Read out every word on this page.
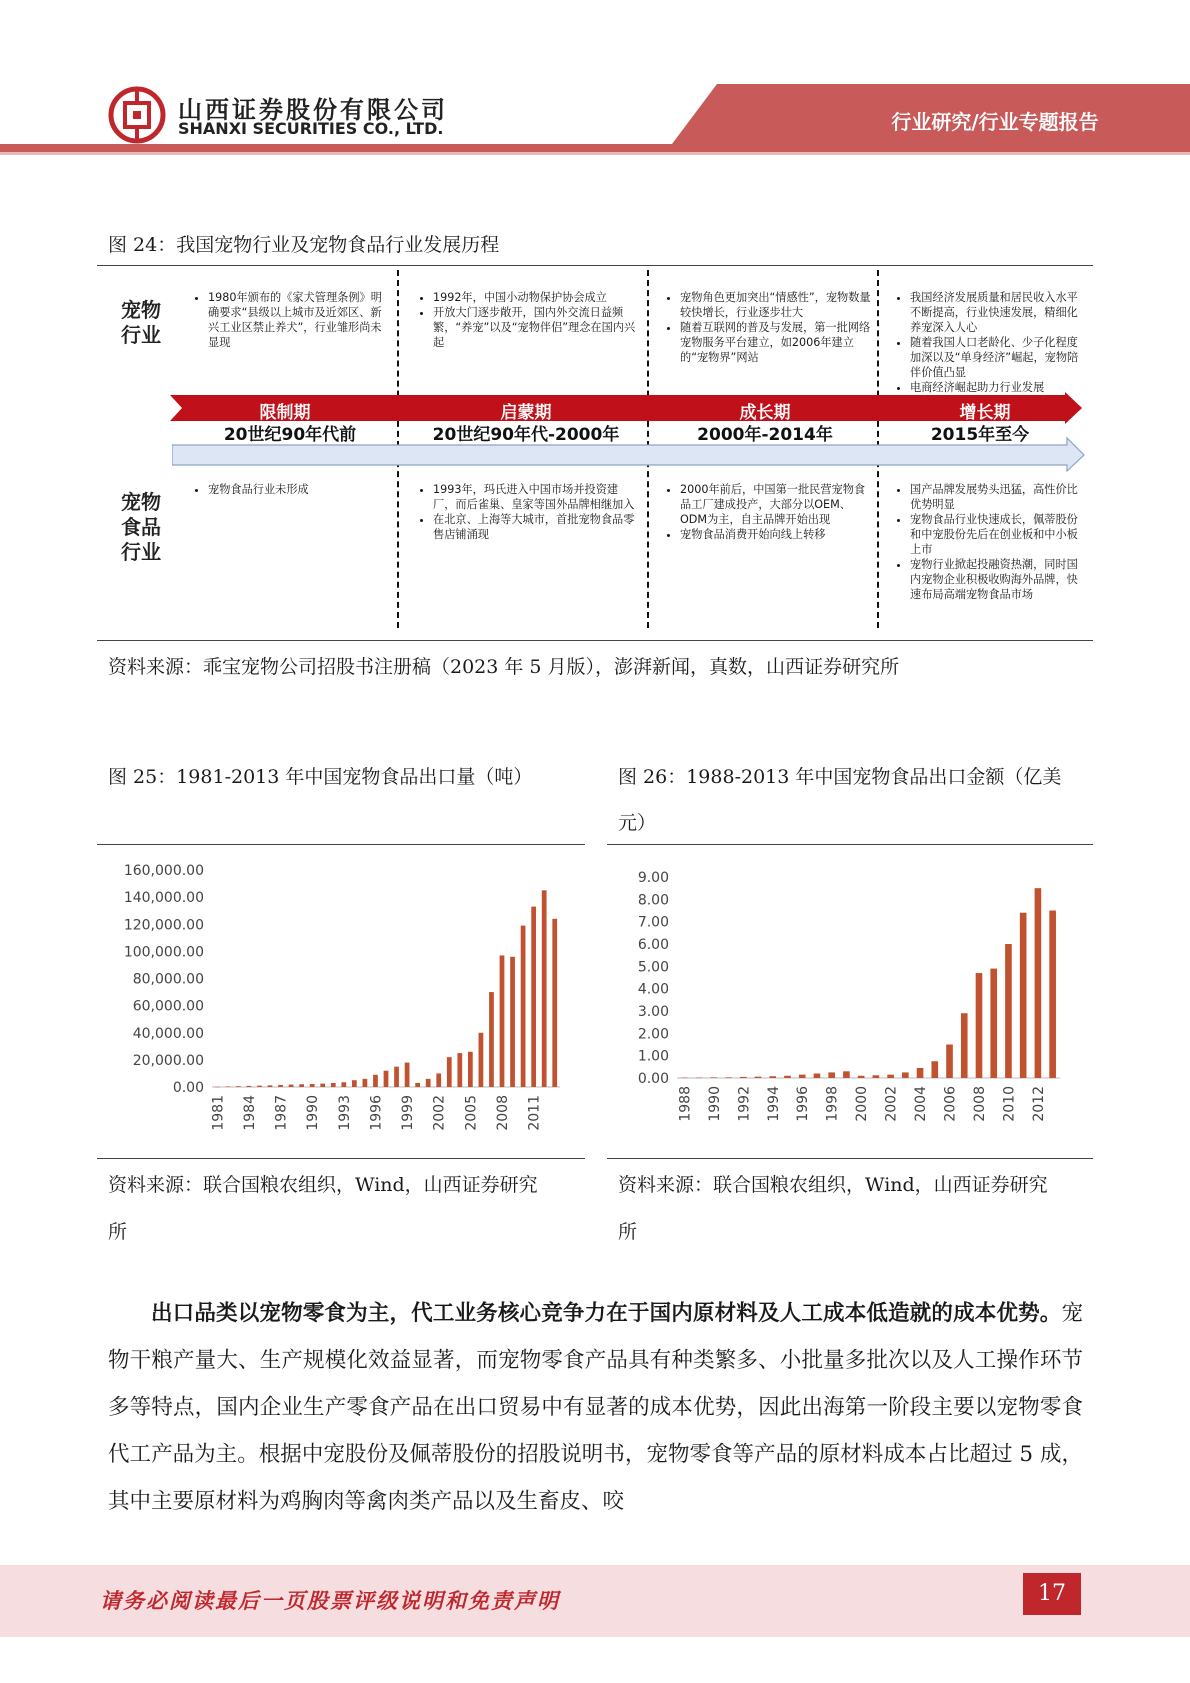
山西证券股份有限公司
SHANXI SECURITIES CO., LTD.	行业研究/行业专题报告
图 24：我国宠物行业及宠物食品行业发展历程
宠物行业
宠物食品行业
• 1980年颁布的《家犬管理条例》明确要求“县级以上城市及近郊区、新兴工业区禁止养犬”，行业雏形尚未显现
• 1992年，中国小动物保护协会成立
• 开放大门逐步敞开，国内外交流日益频繁，“养宠”以及“宠物伴侣”理念在国内兴起
• 宠物角色更加突出“情感性”，宠物数量较快增长，行业逐步壮大
• 随着互联网的普及与发展，第一批网络宠物服务平台建立，如2006年建立的“宠物界”网站
• 我国经济发展质量和居民收入水平不断提高，行业快速发展，精细化养宠深入人心
• 随着我国人口老龄化、少子化程度加深以及“单身经济”崛起，宠物陪伴价值凸显
• 电商经济崛起助力行业发展
限制期	启蒙期	成长期	增长期
20世纪90年代前	20世纪90年代-2000年	2000年-2014年	2015年至今
• 宠物食品行业未形成
•	1993年，玛氏进入中国市场并投资建厂，而后雀巢、皇家等国外品牌相继加入
• 在北京、上海等大城市，首批宠物食品零售店铺涌现
• 2000年前后，中国第一批民营宠物食品工厂建成投产，大部分以OEM、ODM为主，自主品牌开始出现
• 宠物食品消费开始向线上转移
• 国产品牌发展势头迅猛，高性价比优势明显
• 宠物食品行业快速成长，佩蒂股份和中宠股份先后在创业板和中小板上市
• 宠物行业掀起投融资热潮，同时国内宠物企业积极收购海外品牌，快速布局高端宠物食品市场
资料来源：乖宝宠物公司招股书注册稿（2023 年 5 月版），澎湃新闻，真数，山西证券研究所
图 25：1981-2013 年中国宠物食品出口量（吨）
160,000.00
140,000.00
120,000.00
100,000.00
80,000.00
60,000.00
40,000.00
20,000.00
0.00
1981 1984 1987 1990 1993 1996 1999 2002 2005 2008 2011
资料来源：联合国粮农组织，Wind，山西证券研究
所
图 26：1988-2013 年中国宠物食品出口金额（亿美
元）
9.00
8.00
7.00
6.00
5.00
4.00
3.00
2.00
1.00
0.00
1988 1990 1992 1994 1996 1998 2000 2002 2004 2006 2008 2010 2012
资料来源：联合国粮农组织，Wind，山西证券研究
所
出口品类以宠物零食为主，代工业务核心竞争力在于国内原材料及人工成本低造就的成本优势。宠物干粮产量大、生产规模化效益显著，而宠物零食产品具有种类繁多、小批量多批次以及人工操作环节多等特点，国内企业生产零食产品在出口贸易中有显著的成本优势，因此出海第一阶段主要以宠物零食代工产品为主。根据中宠股份及佩蒂股份的招股说明书，宠物零食等产品的原材料成本占比超过 5 成，其中主要原材料为鸡胸肉等禽肉类产品以及生畜皮、咬
请务必阅读最后一页股票评级说明和免责声明	17
